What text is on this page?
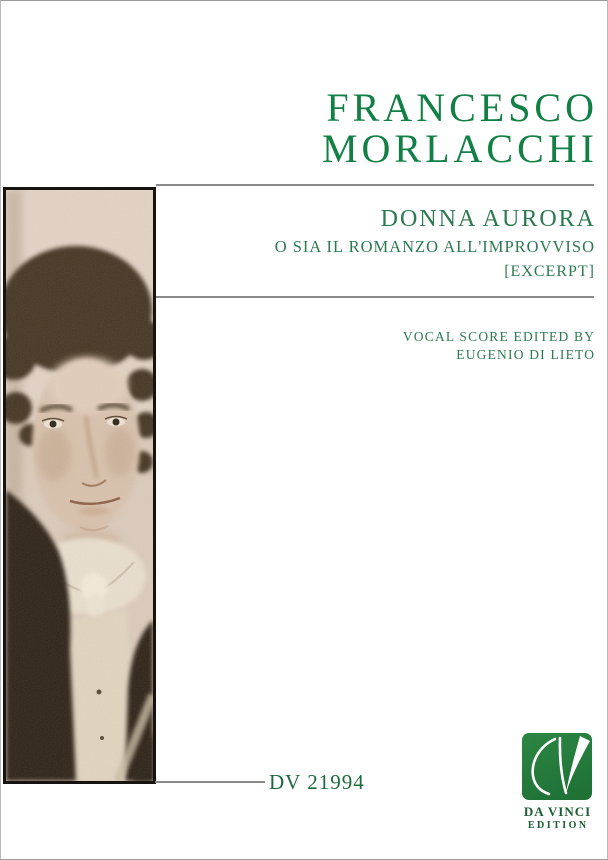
FRANCESCO
MORLACCHI
DONNA AURORA
O SIA IL ROMANZO ALL'IMPROVVISO
[EXCERPT]
VOCAL SCORE EDITED BY
EUGENIO DI LIETO
DV 21994
DA VINCI
EDITION
